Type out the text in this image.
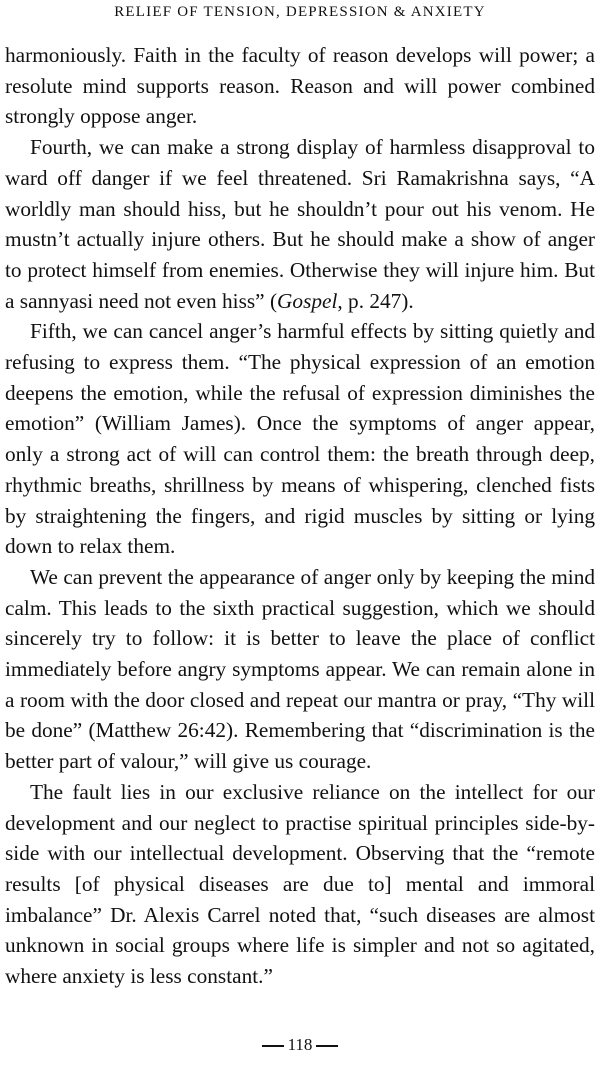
RELIEF OF TENSION, DEPRESSION & ANXIETY

harmoniously. Faith in the faculty of reason develops will power; a resolute mind supports reason. Reason and will power combined strongly oppose anger.

Fourth, we can make a strong display of harmless disapproval to ward off danger if we feel threatened. Sri Ramakrishna says, “A worldly man should hiss, but he shouldn’t pour out his venom. He mustn’t actually injure others. But he should make a show of anger to protect himself from enemies. Otherwise they will injure him. But a sannyasi need not even hiss” (Gospel, p. 247).

Fifth, we can cancel anger’s harmful effects by sitting quietly and refusing to express them. “The physical expression of an emotion deepens the emotion, while the refusal of expression diminishes the emotion” (William James). Once the symptoms of anger appear, only a strong act of will can control them: the breath through deep, rhythmic breaths, shrillness by means of whispering, clenched fists by straightening the fingers, and rigid muscles by sitting or lying down to relax them.

We can prevent the appearance of anger only by keeping the mind calm. This leads to the sixth practical suggestion, which we should sincerely try to follow: it is better to leave the place of conflict immediately before angry symptoms appear. We can remain alone in a room with the door closed and repeat our mantra or pray, “Thy will be done” (Matthew 26:42). Remembering that “discrimination is the better part of valour,” will give us courage.

The fault lies in our exclusive reliance on the intellect for our development and our neglect to practise spiritual principles side-by-side with our intellectual development. Observing that the “remote results [of physical diseases are due to] mental and immoral imbalance” Dr. Alexis Carrel noted that, “such diseases are almost unknown in social groups where life is simpler and not so agitated, where anxiety is less constant.”

118
